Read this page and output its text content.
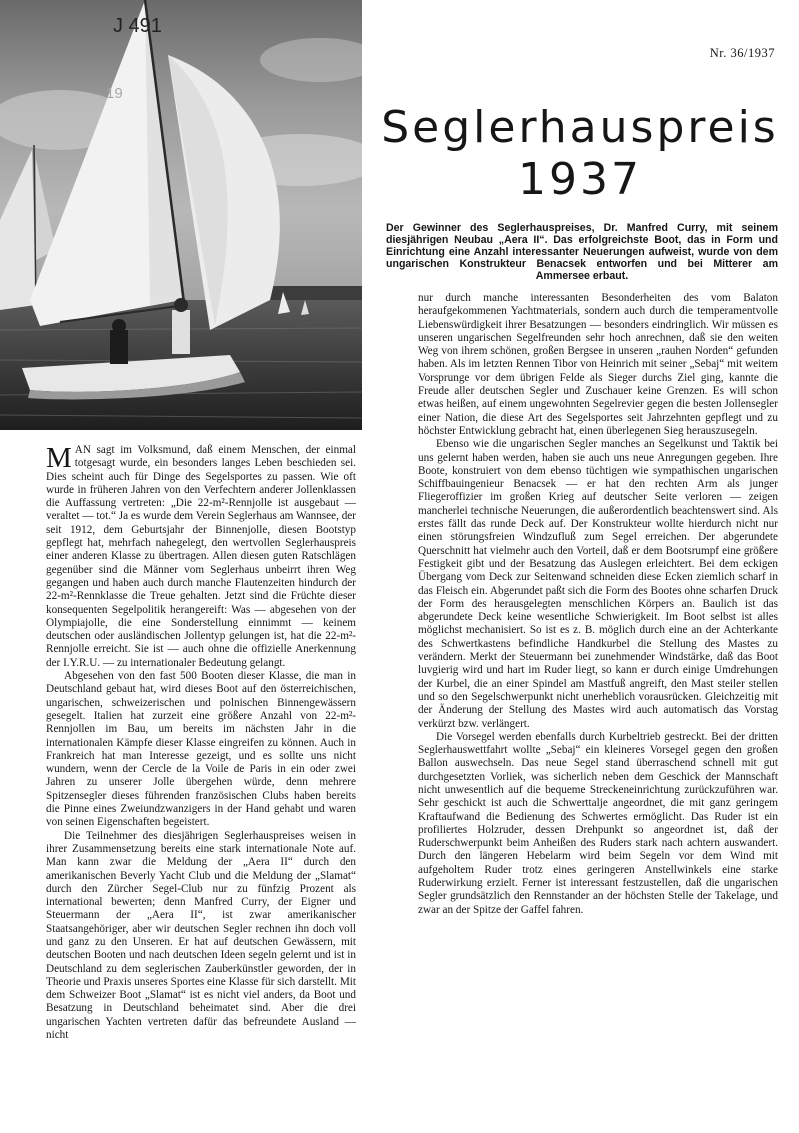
J 491
19
Nr. 36/1937
Seglerhauspreis
1937
Der Gewinner des Seglerhauspreises, Dr. Manfred Curry, mit seinem diesjährigen Neubau „Aera II“. Das erfolgreichste Boot, das in Form und Einrichtung eine Anzahl interessanter Neuerungen aufweist, wurde von dem ungarischen Konstrukteur Benacsek entworfen und bei Mitterer am Ammersee erbaut.

MAN sagt im Volksmund, daß einem Menschen, der einmal totgesagt wurde, ein besonders langes Leben beschieden sei. Dies scheint auch für Dinge des Segelsportes zu passen. Wie oft wurde in früheren Jahren von den Verfechtern anderer Jollenklassen die Auffassung vertreten: „Die 22-m²-Rennjolle ist ausgebaut — veraltet — tot.“ Ja es wurde dem Verein Seglerhaus am Wannsee, der seit 1912, dem Geburtsjahr der Binnenjolle, diesen Bootstyp gepflegt hat, mehrfach nahegelegt, den wertvollen Seglerhauspreis einer anderen Klasse zu übertragen. Allen diesen guten Ratschlägen gegenüber sind die Männer vom Seglerhaus unbeirrt ihren Weg gegangen und haben auch durch manche Flautenzeiten hindurch der 22-m²-Rennklasse die Treue gehalten. Jetzt sind die Früchte dieser konsequenten Segelpolitik herangereift: Was — abgesehen von der Olympiajolle, die eine Sonderstellung einnimmt — keinem deutschen oder ausländischen Jollentyp gelungen ist, hat die 22-m²-Rennjolle erreicht. Sie ist — auch ohne die offizielle Anerkennung der I.Y.R.U. — zu internationaler Bedeutung gelangt.

Abgesehen von den fast 500 Booten dieser Klasse, die man in Deutschland gebaut hat, wird dieses Boot auf den österreichischen, ungarischen, schweizerischen und polnischen Binnengewässern gesegelt. Italien hat zurzeit eine größere Anzahl von 22-m²-Rennjollen im Bau, um bereits im nächsten Jahr in die internationalen Kämpfe dieser Klasse eingreifen zu können. Auch in Frankreich hat man Interesse gezeigt, und es sollte uns nicht wundern, wenn der Cercle de la Voile de Paris in ein oder zwei Jahren zu unserer Jolle übergehen würde, denn mehrere Spitzensegler dieses führenden französischen Clubs haben bereits die Pinne eines Zweiundzwanzigers in der Hand gehabt und waren von seinen Eigenschaften begeistert.

Die Teilnehmer des diesjährigen Seglerhauspreises weisen in ihrer Zusammensetzung bereits eine stark internationale Note auf. Man kann zwar die Meldung der „Aera II“ durch den amerikanischen Beverly Yacht Club und die Meldung der „Slamat“ durch den Zürcher Segel-Club nur zu fünfzig Prozent als international bewerten; denn Manfred Curry, der Eigner und Steuermann der „Aera II“, ist zwar amerikanischer Staatsangehöriger, aber wir deutschen Segler rechnen ihn doch voll und ganz zu den Unseren. Er hat auf deutschen Gewässern, mit deutschen Booten und nach deutschen Ideen segeln gelernt und ist in Deutschland zu dem seglerischen Zauberkünstler geworden, der in Theorie und Praxis unseres Sportes eine Klasse für sich darstellt. Mit dem Schweizer Boot „Slamat“ ist es nicht viel anders, da Boot und Besatzung in Deutschland beheimatet sind. Aber die drei ungarischen Yachten vertreten dafür das befreundete Ausland — nicht

nur durch manche interessanten Besonderheiten des vom Balaton heraufgekommenen Yachtmaterials, sondern auch durch die temperamentvolle Liebenswürdigkeit ihrer Besatzungen — besonders eindringlich. Wir müssen es unseren ungarischen Segelfreunden sehr hoch anrechnen, daß sie den weiten Weg von ihrem schönen, großen Bergsee in unseren „rauhen Norden“ gefunden haben. Als im letzten Rennen Tibor von Heinrich mit seiner „Sebaj“ mit weitem Vorsprunge vor dem übrigen Felde als Sieger durchs Ziel ging, kannte die Freude aller deutschen Segler und Zuschauer keine Grenzen. Es will schon etwas heißen, auf einem ungewohnten Segelrevier gegen die besten Jollensegler einer Nation, die diese Art des Segelsportes seit Jahrzehnten gepflegt und zu höchster Entwicklung gebracht hat, einen überlegenen Sieg herauszusegeln.

Ebenso wie die ungarischen Segler manches an Segelkunst und Taktik bei uns gelernt haben werden, haben sie auch uns neue Anregungen gegeben. Ihre Boote, konstruiert von dem ebenso tüchtigen wie sympathischen ungarischen Schiffbauingenieur Benacsek — er hat den rechten Arm als junger Fliegeroffizier im großen Krieg auf deutscher Seite verloren — zeigen mancherlei technische Neuerungen, die außerordentlich beachtenswert sind. Als erstes fällt das runde Deck auf. Der Konstrukteur wollte hierdurch nicht nur einen störungsfreien Windzufluß zum Segel erreichen. Der abgerundete Querschnitt hat vielmehr auch den Vorteil, daß er dem Bootsrumpf eine größere Festigkeit gibt und der Besatzung das Auslegen erleichtert. Bei dem eckigen Übergang vom Deck zur Seitenwand schneiden diese Ecken ziemlich scharf in das Fleisch ein. Abgerundet paßt sich die Form des Bootes ohne scharfen Druck der Form des herausgelegten menschlichen Körpers an. Baulich ist das abgerundete Deck keine wesentliche Schwierigkeit. Im Boot selbst ist alles möglichst mechanisiert. So ist es z. B. möglich durch eine an der Achterkante des Schwertkastens befindliche Handkurbel die Stellung des Mastes zu verändern. Merkt der Steuermann bei zunehmender Windstärke, daß das Boot luvgierig wird und hart im Ruder liegt, so kann er durch einige Umdrehungen der Kurbel, die an einer Spindel am Mastfuß angreift, den Mast steiler stellen und so den Segelschwerpunkt nicht unerheblich vorausrücken. Gleichzeitig mit der Änderung der Stellung des Mastes wird auch automatisch das Vorstag verkürzt bzw. verlängert.

Die Vorsegel werden ebenfalls durch Kurbeltrieb gestreckt. Bei der dritten Seglerhauswettfahrt wollte „Sebaj“ ein kleineres Vorsegel gegen den großen Ballon auswechseln. Das neue Segel stand überraschend schnell mit gut durchgesetzten Vorliek, was sicherlich neben dem Geschick der Mannschaft nicht unwesentlich auf die bequeme Streckeneinrichtung zurückzuführen war. Sehr geschickt ist auch die Schwerttalje angeordnet, die mit ganz geringem Kraftaufwand die Bedienung des Schwertes ermöglicht. Das Ruder ist ein profiliertes Holzruder, dessen Drehpunkt so angeordnet ist, daß der Ruderschwerpunkt beim Anheißen des Ruders stark nach achtern auswandert. Durch den längeren Hebelarm wird beim Segeln vor dem Wind mit aufgeholtem Ruder trotz eines geringeren Anstellwinkels eine starke Ruderwirkung erzielt. Ferner ist interessant festzustellen, daß die ungarischen Segler grundsätzlich den Rennstander an der höchsten Stelle der Takelage, und zwar an der Spitze der Gaffel fahren.
